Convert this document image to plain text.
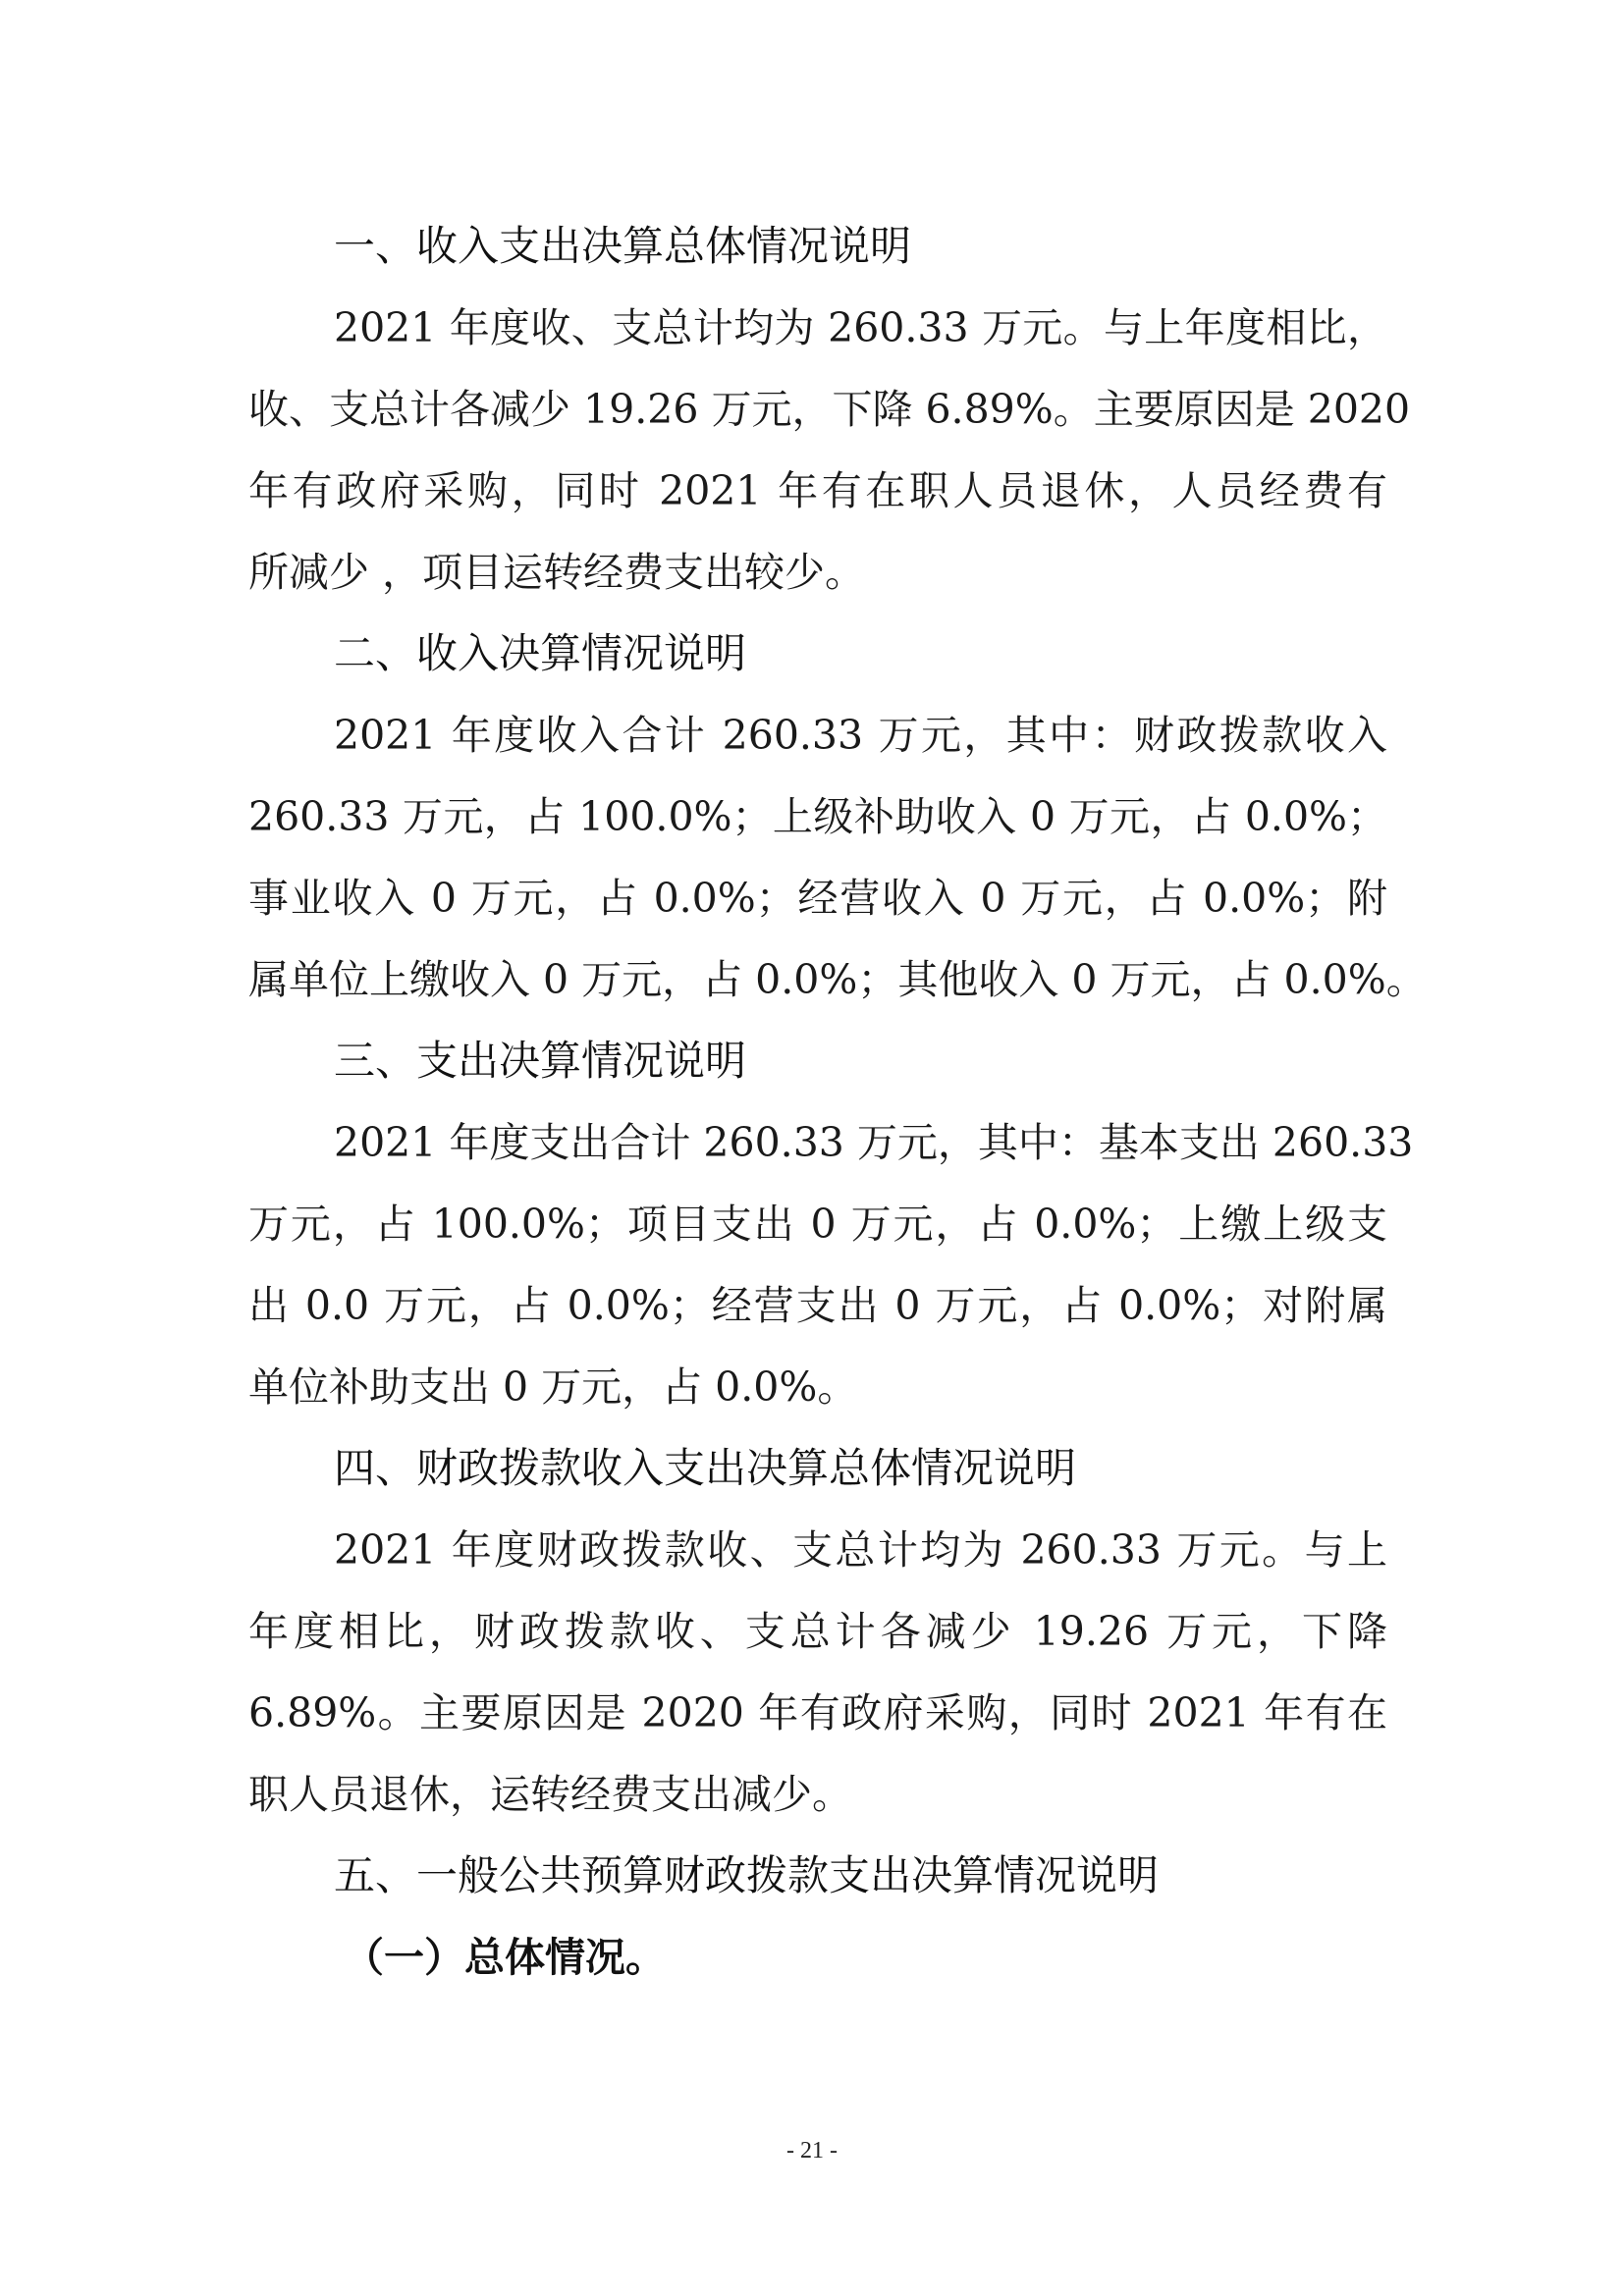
一、收入支出决算总体情况说明
2021 年度收、支总计均为 260.33 万元。与上年度相比，
收、支总计各减少 19.26 万元，下降 6.89%。主要原因是 2020
年有政府采购，同时 2021 年有在职人员退休，人员经费有
所减少 ，项目运转经费支出较少。
二、收入决算情况说明
2021 年度收入合计 260.33 万元，其中：财政拨款收入
260.33 万元，占 100.0%；上级补助收入 0 万元，占 0.0%；
事业收入 0 万元，占 0.0%；经营收入 0 万元，占 0.0%；附
属单位上缴收入 0 万元，占 0.0%；其他收入 0 万元，占 0.0%。
三、支出决算情况说明
2021 年度支出合计 260.33 万元，其中：基本支出 260.33
万元，占 100.0%；项目支出 0 万元，占 0.0%；上缴上级支
出 0.0 万元，占 0.0%；经营支出 0 万元，占 0.0%；对附属
单位补助支出 0 万元，占 0.0%。
四、财政拨款收入支出决算总体情况说明
2021 年度财政拨款收、支总计均为 260.33 万元。与上
年度相比，财政拨款收、支总计各减少 19.26 万元，下降
6.89%。主要原因是 2020 年有政府采购，同时 2021 年有在
职人员退休，运转经费支出减少。
五、一般公共预算财政拨款支出决算情况说明
（一）总体情况。
- 21 -
